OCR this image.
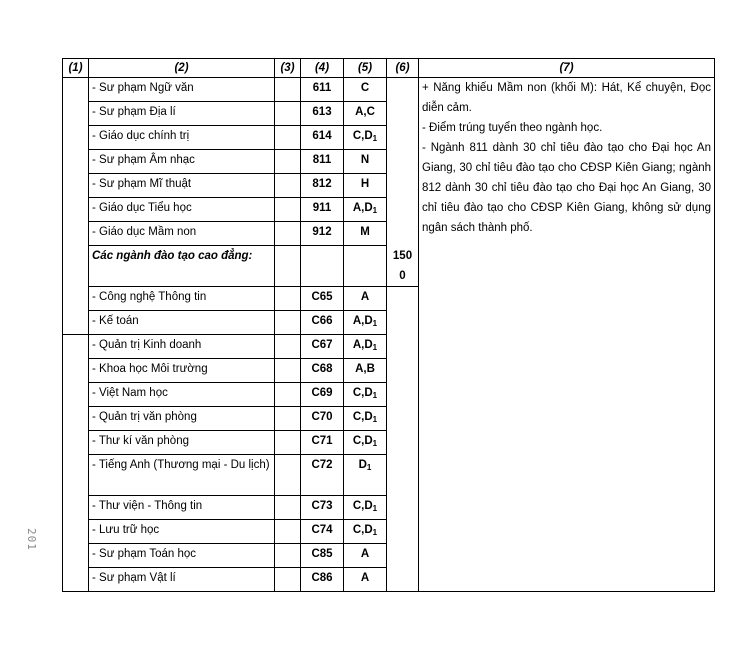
(1)	(2)	(3)	(4)	(5)	(6)	(7)
	- Sư phạm Ngữ văn		611	C		+ Năng khiếu Mầm non (khối M): Hát, Kể chuyện, Đọc diễn cảm.
- Điểm trúng tuyển theo ngành học.
- Ngành 811 dành 30 chỉ tiêu đào tạo cho Đại học An Giang, 30 chỉ tiêu đào tạo cho CĐSP Kiên Giang; ngành 812 dành 30 chỉ tiêu đào tạo cho Đại học An Giang, 30 chỉ tiêu đào tạo cho CĐSP Kiên Giang, không sử dụng ngân sách thành phố.

	- Sư phạm Địa lí		613	A,C		
	- Giáo dục chính trị		614	$C,D_1$
	- Sư phạm Âm nhạc		811	N		
	- Sư phạm Mĩ thuật		812	H		
	- Giáo dục Tiểu học		911	$A,D_1$
	- Giáo dục Mầm non		912	M		
	Các ngành đào tạo cao đẳng:				150
0	

	- Công nghệ Thông tin		C65	A		
	- Kế toán		C66	$A,D_1$
	- Quản trị Kinh doanh		C67	$A,D_1$
	- Khoa học Môi trường		C68	A,B		
	- Việt Nam học		C69	$C,D_1$
	- Quản trị văn phòng		C70	$C,D_1$
	- Thư kí văn phòng		C71	$C,D_1$
	- Tiếng Anh (Thương mại - Du lịch)		C72	$D_1$
	- Thư viện - Thông tin		C73	$C,D_1$
	- Lưu trữ học		C74	$C,D_1$
	- Sư phạm Toán học		C85	A		
	- Sư phạm Vật lí		C86	A		
201
